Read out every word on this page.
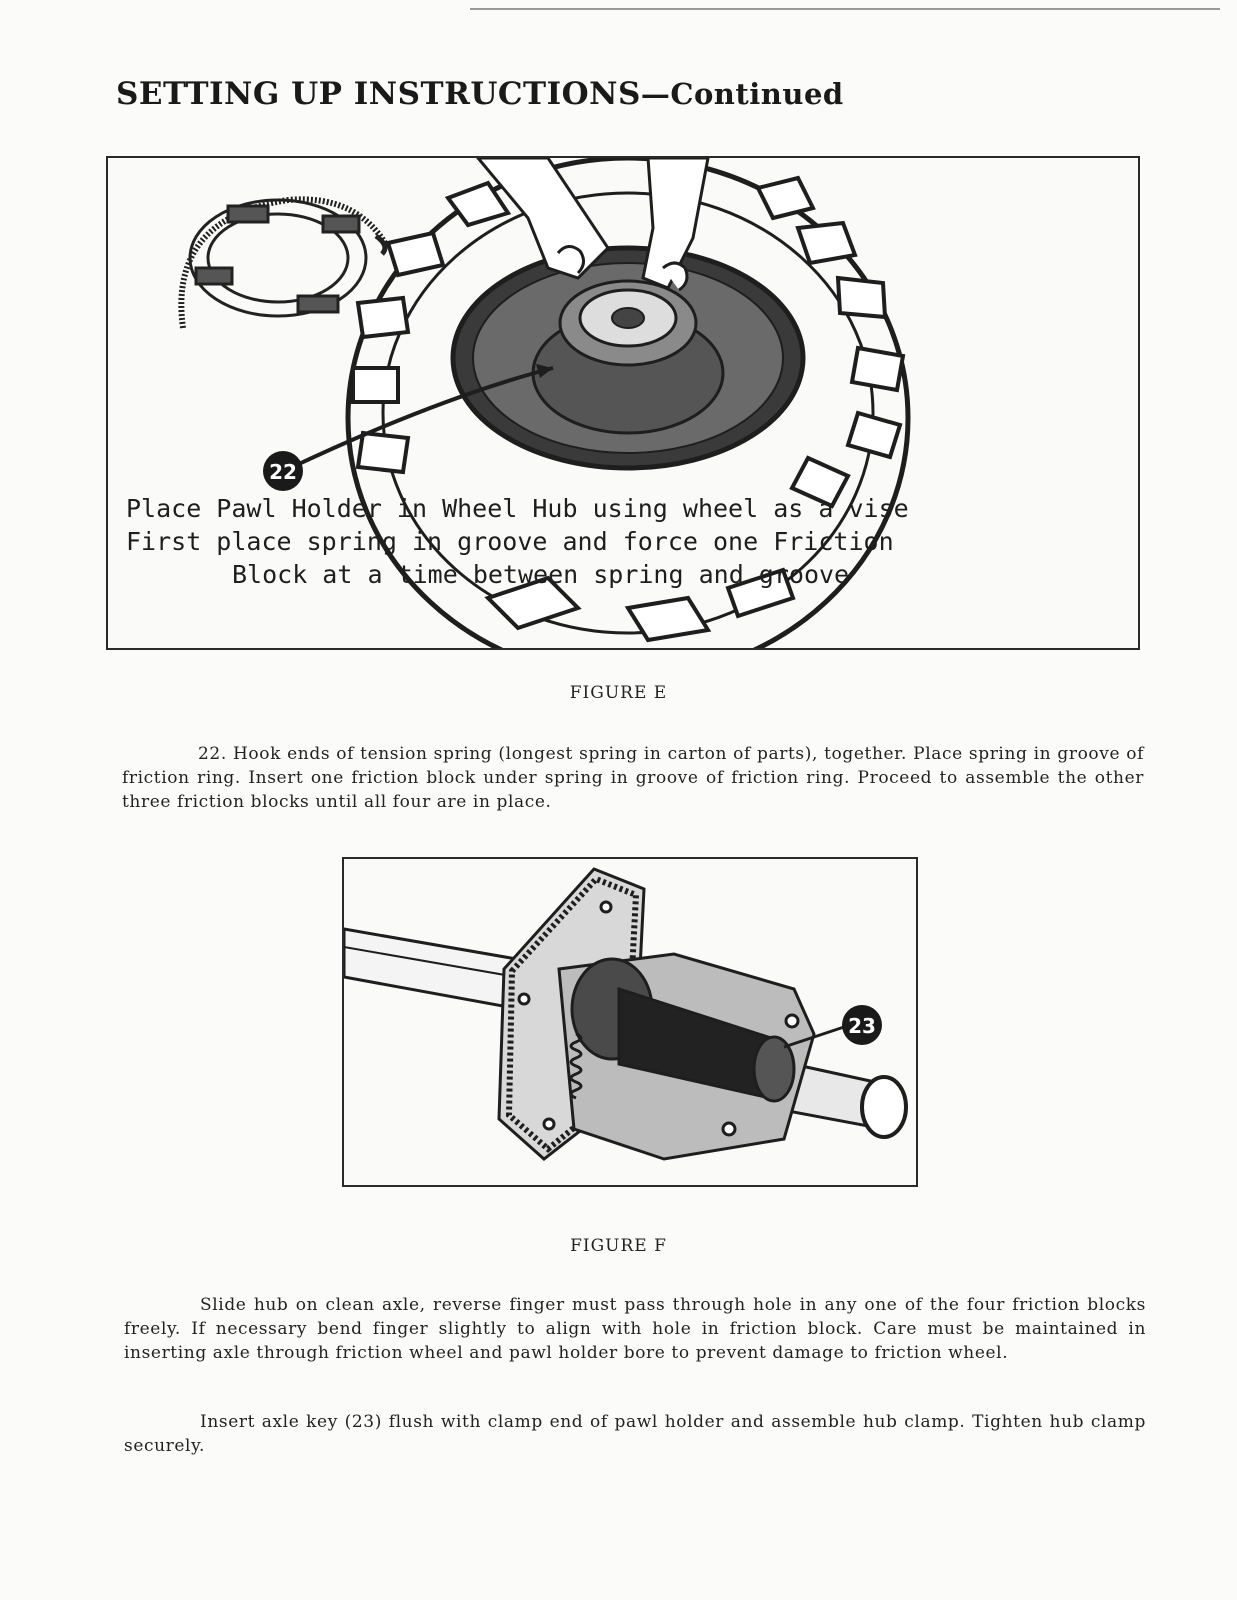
SETTING UP INSTRUCTIONS—Continued
22
Place Pawl Holder in Wheel Hub using wheel as a vise
First place spring in groove and force one Friction
Block at a time between spring and groove

FIGURE E

22. Hook ends of tension spring (longest spring in carton of parts), together. Place spring in groove of friction ring. Insert one friction block under spring in groove of friction ring. Proceed to assemble the other three friction blocks until all four are in place.

23

FIGURE F

Slide hub on clean axle, reverse finger must pass through hole in any one of the four friction blocks freely. If necessary bend finger slightly to align with hole in friction block. Care must be maintained in inserting axle through friction wheel and pawl holder bore to prevent damage to friction wheel.

Insert axle key (23) flush with clamp end of pawl holder and assemble hub clamp. Tighten hub clamp securely.
